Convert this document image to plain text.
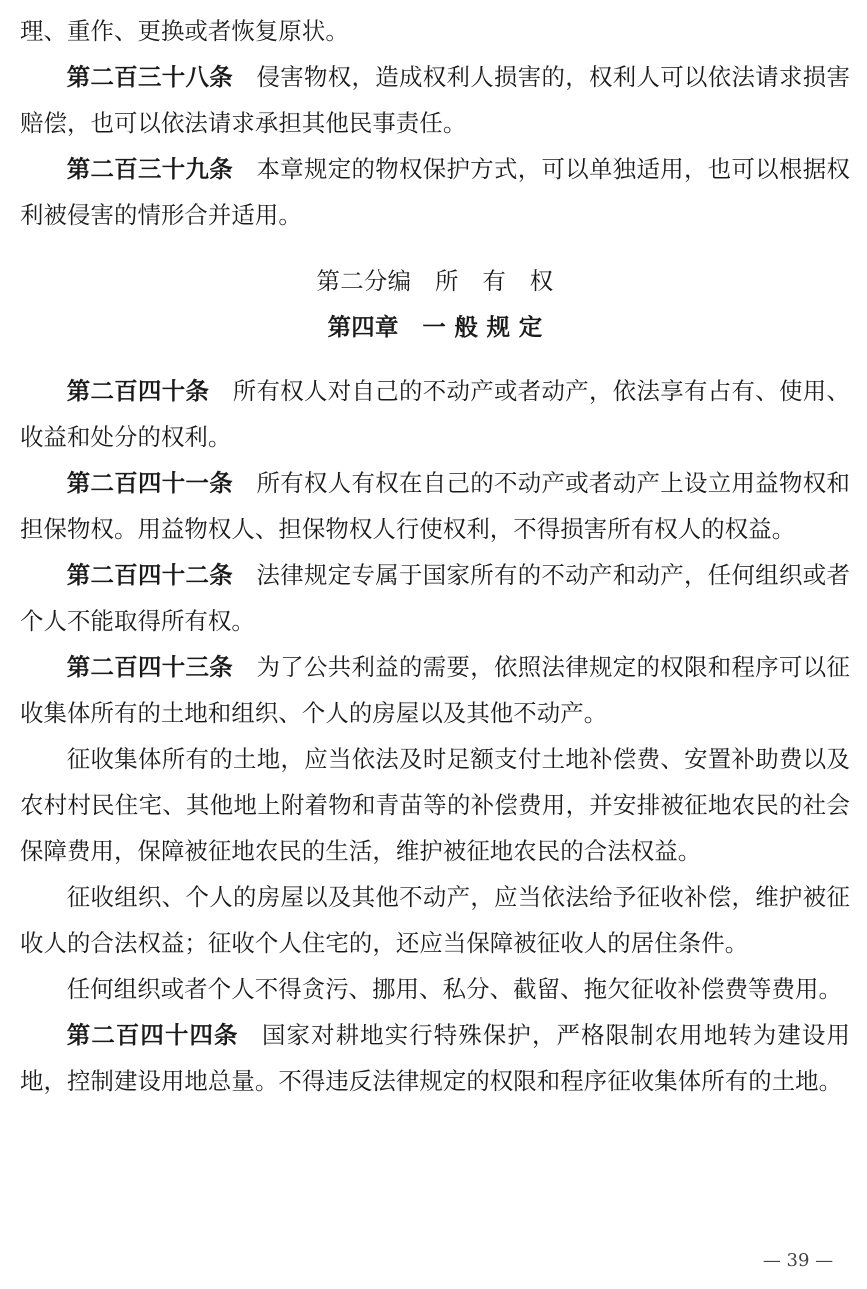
理、重作、更换或者恢复原状。

第二百三十八条 侵害物权，造成权利人损害的，权利人可以依法请求损害赔偿，也可以依法请求承担其他民事责任。

第二百三十九条 本章规定的物权保护方式，可以单独适用，也可以根据权利被侵害的情形合并适用。

第二分编　所　有　权
第四章　一 般 规 定

第二百四十条 所有权人对自己的不动产或者动产，依法享有占有、使用、收益和处分的权利。

第二百四十一条 所有权人有权在自己的不动产或者动产上设立用益物权和担保物权。用益物权人、担保物权人行使权利，不得损害所有权人的权益。

第二百四十二条 法律规定专属于国家所有的不动产和动产，任何组织或者个人不能取得所有权。

第二百四十三条 为了公共利益的需要，依照法律规定的权限和程序可以征收集体所有的土地和组织、个人的房屋以及其他不动产。

征收集体所有的土地，应当依法及时足额支付土地补偿费、安置补助费以及农村村民住宅、其他地上附着物和青苗等的补偿费用，并安排被征地农民的社会保障费用，保障被征地农民的生活，维护被征地农民的合法权益。

征收组织、个人的房屋以及其他不动产，应当依法给予征收补偿，维护被征收人的合法权益；征收个人住宅的，还应当保障被征收人的居住条件。

任何组织或者个人不得贪污、挪用、私分、截留、拖欠征收补偿费等费用。

第二百四十四条 国家对耕地实行特殊保护，严格限制农用地转为建设用地，控制建设用地总量。不得违反法律规定的权限和程序征收集体所有的土地。

— 39 —
